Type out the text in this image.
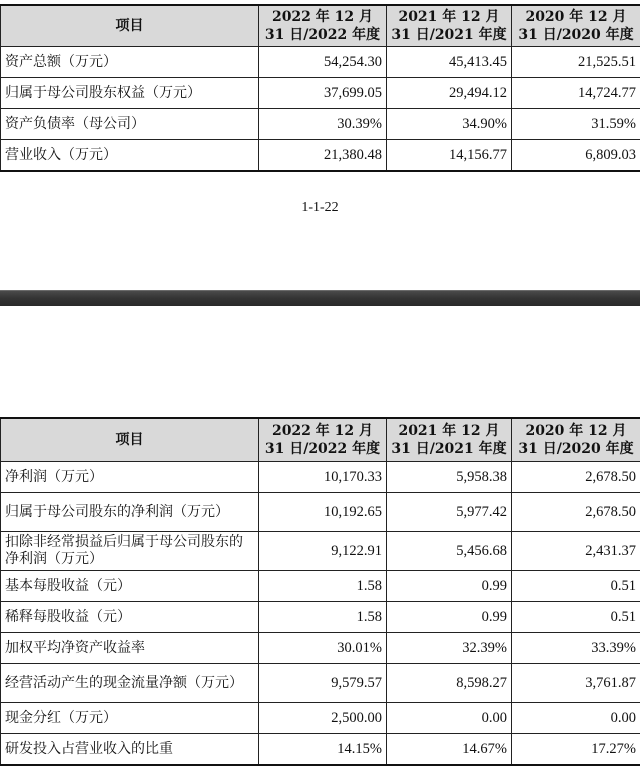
项目	2022 年 12 月 31 日/2022 年度	2021 年 12 月 31 日/2021 年度	2020 年 12 月 31 日/2020 年度
资产总额（万元）	54,254.30	45,413.45	21,525.51
归属于母公司股东权益（万元）	37,699.05	29,494.12	14,724.77
资产负债率（母公司）	30.39%	34.90%	31.59%
营业收入（万元）	21,380.48	14,156.77	6,809.03
1-1-22
项目	2022 年 12 月 31 日/2022 年度	2021 年 12 月 31 日/2021 年度	2020 年 12 月 31 日/2020 年度
净利润（万元）	10,170.33	5,958.38	2,678.50
归属于母公司股东的净利润（万元）	10,192.65	5,977.42	2,678.50
扣除非经常损益后归属于母公司股东的净利润（万元）	9,122.91	5,456.68	2,431.37
基本每股收益（元）	1.58	0.99	0.51
稀释每股收益（元）	1.58	0.99	0.51
加权平均净资产收益率	30.01%	32.39%	33.39%
经营活动产生的现金流量净额（万元）	9,579.57	8,598.27	3,761.87
现金分红（万元）	2,500.00	0.00	0.00
研发投入占营业收入的比重	14.15%	14.67%	17.27%
